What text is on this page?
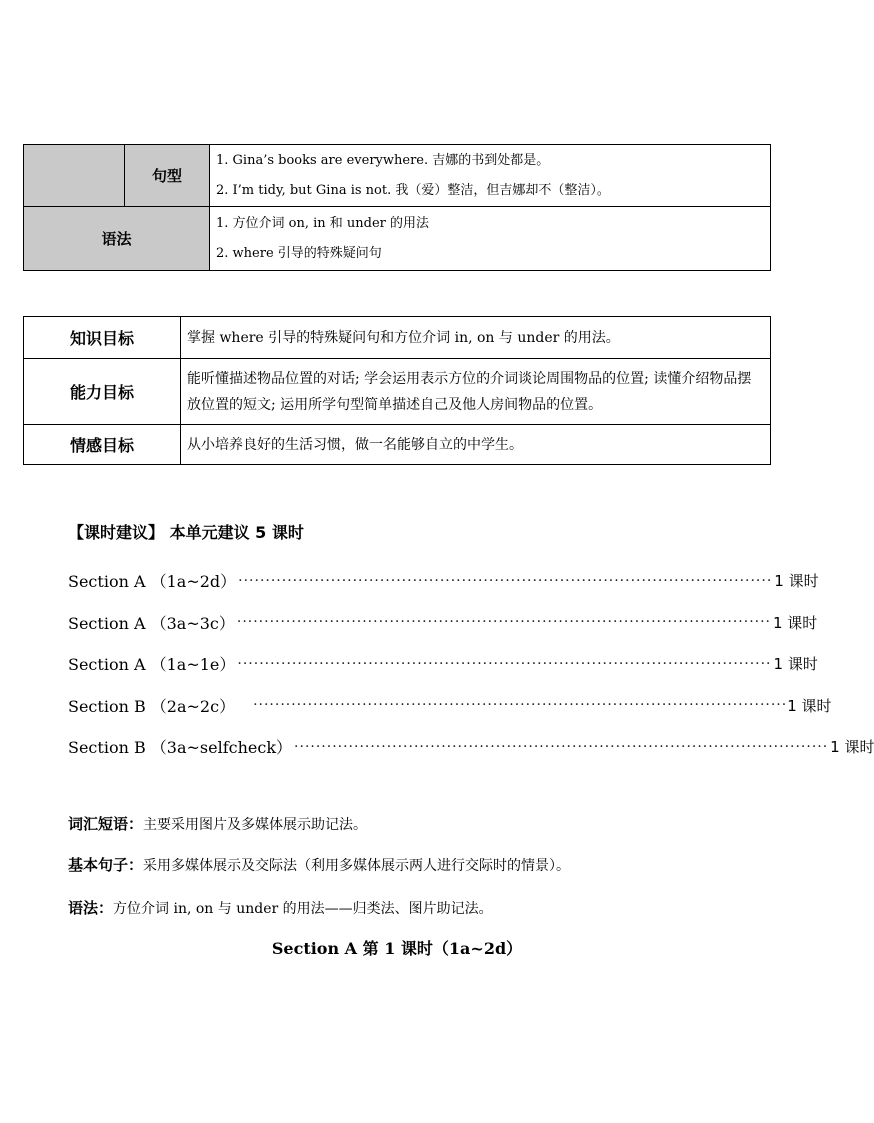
	句型	1. Gina’s books are everywhere. 吉娜的书到处都是。
2. I’m tidy, but Gina is not. 我（爱）整洁，但吉娜却不（整洁）。

语法		1. 方位介词 on, in 和 under 的用法
2. where 引导的特殊疑问句
知识目标	掌握 where 引导的特殊疑问句和方位介词 in, on 与 under 的用法。
能力目标	能听懂描述物品位置的对话; 学会运用表示方位的介词谈论周围物品的位置; 读懂介绍物品摆放位置的短文; 运用所学句型简单描述自己及他人房间物品的位置。
情感目标	从小培养良好的生活习惯，做一名能够自立的中学生。
【课时建议】 本单元建议 5 课时
Section A （1a~2d） ·································································································· 1 课时
Section A （3a~3c） ·································································································· 1 课时
Section A （1a~1e） ·································································································· 1 课时
Section B （2a~2c） ·································································································· 1 课时
Section B （3a~selfcheck） ·································································································· 1 课时
词汇短语：主要采用图片及多媒体展示助记法。
基本句子：采用多媒体展示及交际法（利用多媒体展示两人进行交际时的情景）。
语法：方位介词 in, on 与 under 的用法——归类法、图片助记法。
Section A 第 1 课时（1a~2d）
